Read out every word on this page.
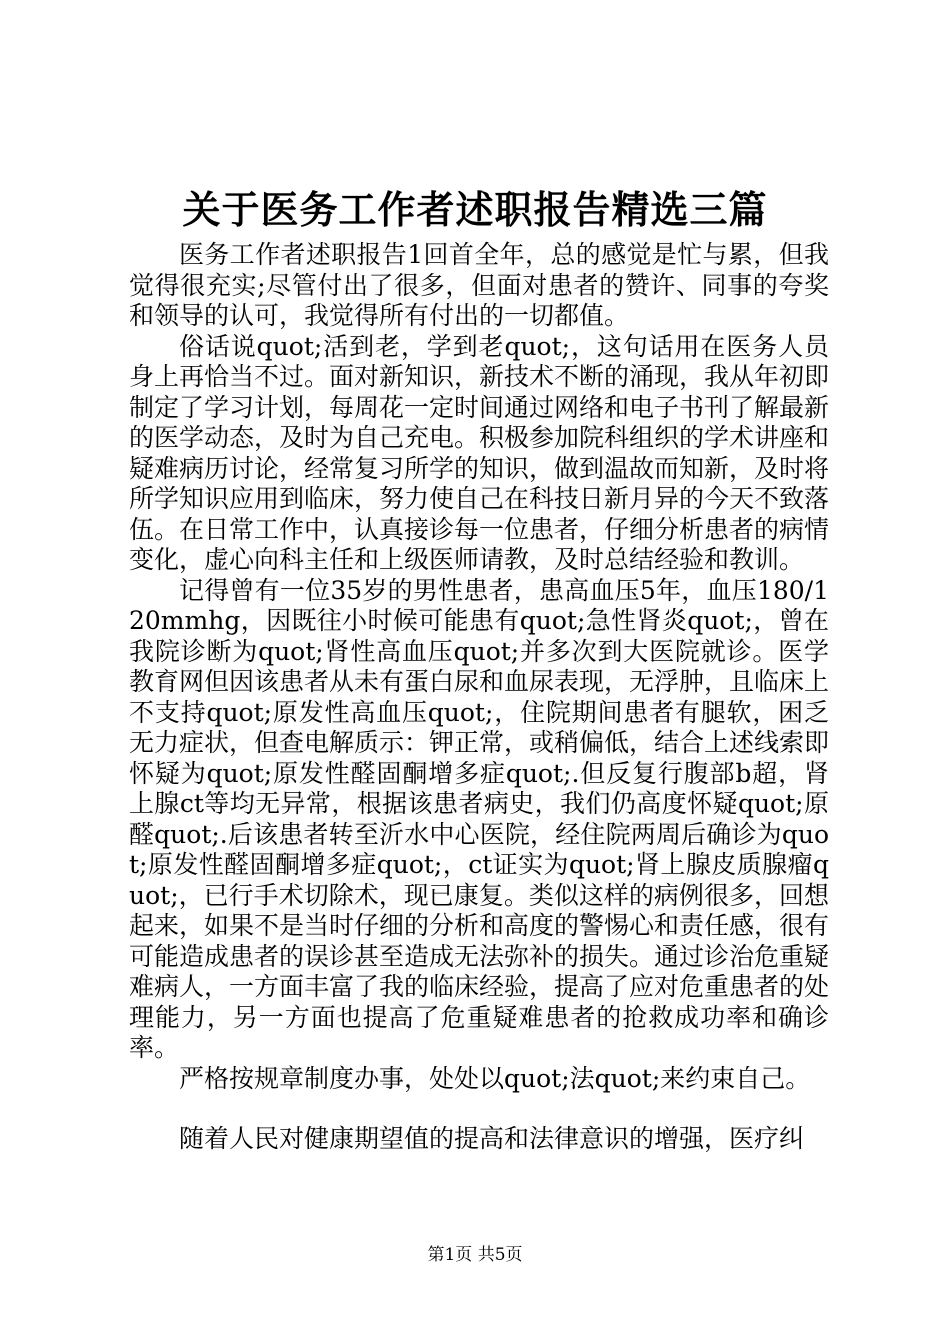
关于医务工作者述职报告精选三篇

医务工作者述职报告1回首全年，总的感觉是忙与累，但我觉得很充实;尽管付出了很多，但面对患者的赞许、同事的夸奖和领导的认可，我觉得所有付出的一切都值。

俗话说quot;活到老，学到老quot;，这句话用在医务人员身上再恰当不过。面对新知识，新技术不断的涌现，我从年初即制定了学习计划，每周花一定时间通过网络和电子书刊了解最新的医学动态，及时为自己充电。积极参加院科组织的学术讲座和疑难病历讨论，经常复习所学的知识，做到温故而知新，及时将所学知识应用到临床，努力使自己在科技日新月异的今天不致落伍。在日常工作中，认真接诊每一位患者，仔细分析患者的病情变化，虚心向科主任和上级医师请教，及时总结经验和教训。

记得曾有一位35岁的男性患者，患高血压5年，血压180/120mmhg，因既往小时候可能患有quot;急性肾炎quot;，曾在我院诊断为quot;肾性高血压quot;并多次到大医院就诊。医学教育网但因该患者从未有蛋白尿和血尿表现，无浮肿，且临床上不支持quot;原发性高血压quot;，住院期间患者有腿软，困乏无力症状，但查电解质示：钾正常，或稍偏低，结合上述线索即怀疑为quot;原发性醛固酮增多症quot;.但反复行腹部b超，肾上腺ct等均无异常，根据该患者病史，我们仍高度怀疑quot;原醛quot;.后该患者转至沂水中心医院，经住院两周后确诊为quot;原发性醛固酮增多症quot;，ct证实为quot;肾上腺皮质腺瘤quot;，已行手术切除术，现已康复。类似这样的病例很多，回想起来，如果不是当时仔细的分析和高度的警惕心和责任感，很有可能造成患者的误诊甚至造成无法弥补的损失。通过诊治危重疑难病人，一方面丰富了我的临床经验，提高了应对危重患者的处理能力，另一方面也提高了危重疑难患者的抢救成功率和确诊率。

严格按规章制度办事，处处以quot;法quot;来约束自己。

随着人民对健康期望值的提高和法律意识的增强，医疗纠

第1页 共5页
